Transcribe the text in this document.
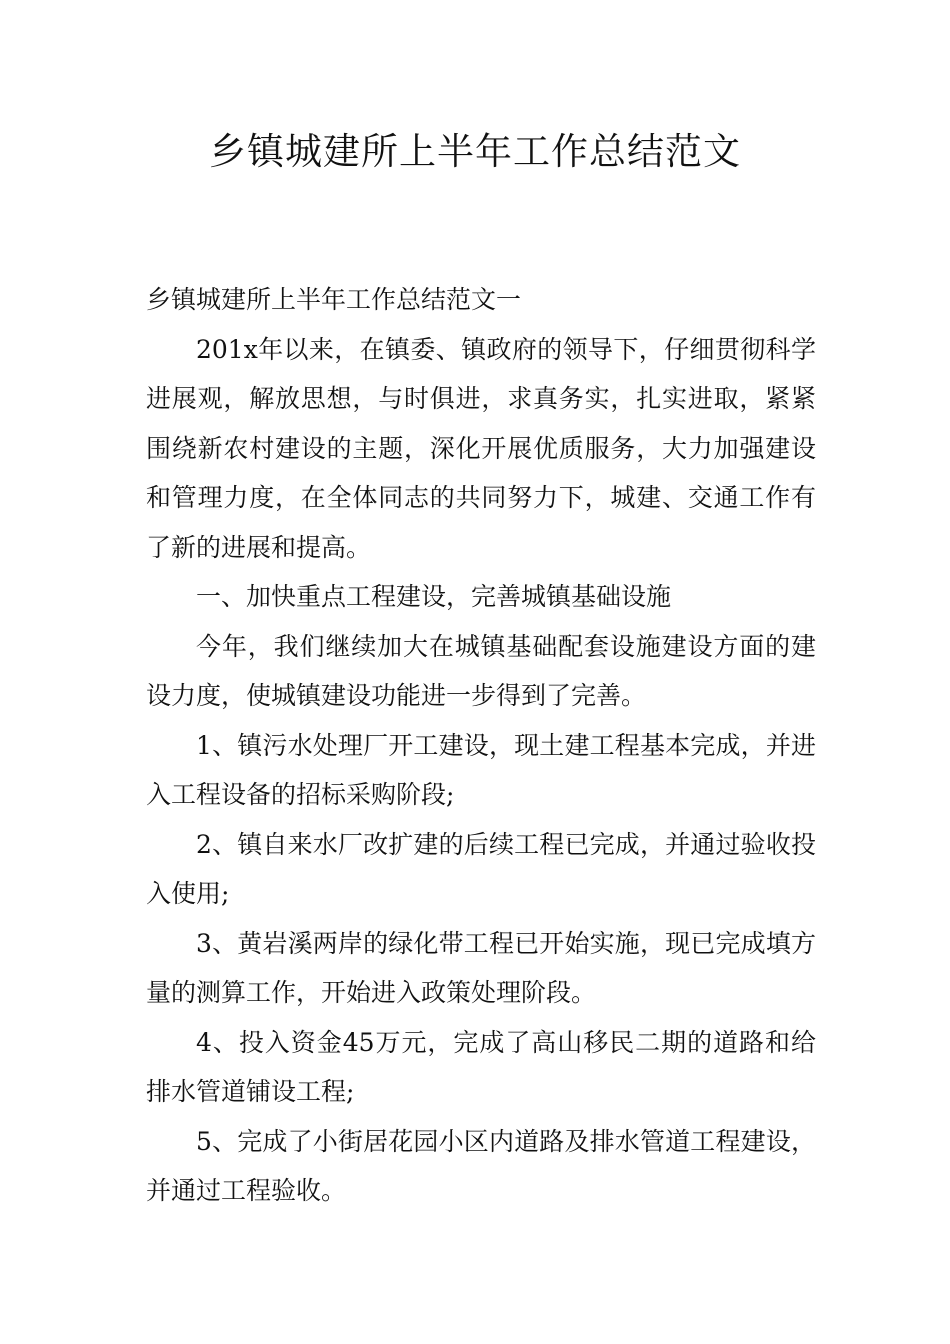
乡镇城建所上半年工作总结范文

乡镇城建所上半年工作总结范文一

201x年以来，在镇委、镇政府的领导下，仔细贯彻科学进展观，解放思想，与时俱进，求真务实，扎实进取，紧紧围绕新农村建设的主题，深化开展优质服务，大力加强建设和管理力度，在全体同志的共同努力下，城建、交通工作有了新的进展和提高。

一、加快重点工程建设，完善城镇基础设施

今年，我们继续加大在城镇基础配套设施建设方面的建设力度，使城镇建设功能进一步得到了完善。

1、镇污水处理厂开工建设，现土建工程基本完成，并进入工程设备的招标采购阶段;

2、镇自来水厂改扩建的后续工程已完成，并通过验收投入使用;

3、黄岩溪两岸的绿化带工程已开始实施，现已完成填方量的测算工作，开始进入政策处理阶段。

4、投入资金45万元，完成了高山移民二期的道路和给排水管道铺设工程;

5、完成了小街居花园小区内道路及排水管道工程建设，并通过工程验收。
